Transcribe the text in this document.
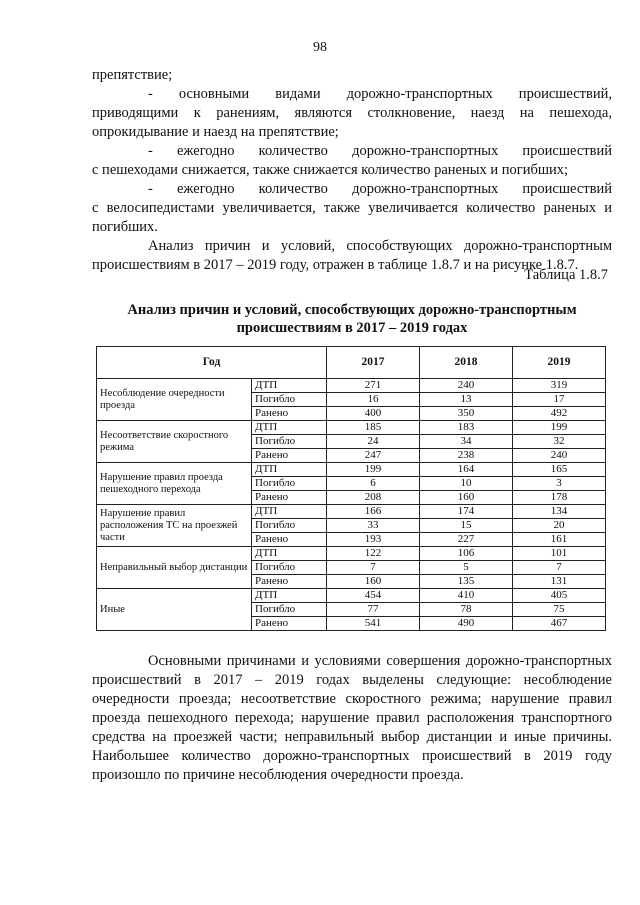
98
препятствие;
- основными видами дорожно-транспортных происшествий, приводящими к ранениям, являются столкновение, наезд на пешехода, опрокидывание и наезд на препятствие;
- ежегодно количество дорожно-транспортных происшествий
с пешеходами снижается, также снижается количество раненых и погибших;
- ежегодно количество дорожно-транспортных происшествий
с велосипедистами увеличивается, также увеличивается количество раненых и погибших.
Анализ причин и условий, способствующих дорожно-транспортным происшествиям в 2017 – 2019 году, отражен в таблице 1.8.7 и на рисунке 1.8.7.
Таблица 1.8.7
Анализ причин и условий, способствующих дорожно-транспортным происшествиям в 2017 – 2019 годах
Год		2017	2018	2019
Несоблюдение очередности проезда	ДТП	271	240	319
	Погибло	16	13	17
	Ранено	400	350	492
Несоответствие скоростного режима	ДТП	185	183	199
	Погибло	24	34	32
	Ранено	247	238	240
Нарушение правил проезда пешеходного перехода	ДТП	199	164	165
	Погибло	6	10	3
	Ранено	208	160	178
Нарушение правил расположения ТС на проезжей части	ДТП	166	174	134
	Погибло	33	15	20
	Ранено	193	227	161
Неправильный выбор дистанции	ДТП	122	106	101
	Погибло	7	5	7
	Ранено	160	135	131
Иные	ДТП	454	410	405
	Погибло	77	78	75
	Ранено	541	490	467
Основными причинами и условиями совершения дорожно-транспортных происшествий в 2017 – 2019 годах выделены следующие: несоблюдение очередности проезда; несоответствие скоростного режима; нарушение правил проезда пешеходного перехода; нарушение правил расположения транспортного средства на проезжей части; неправильный выбор дистанции и иные причины. Наибольшее количество дорожно-транспортных происшествий в 2019 году произошло по причине несоблюдения очередности проезда.
